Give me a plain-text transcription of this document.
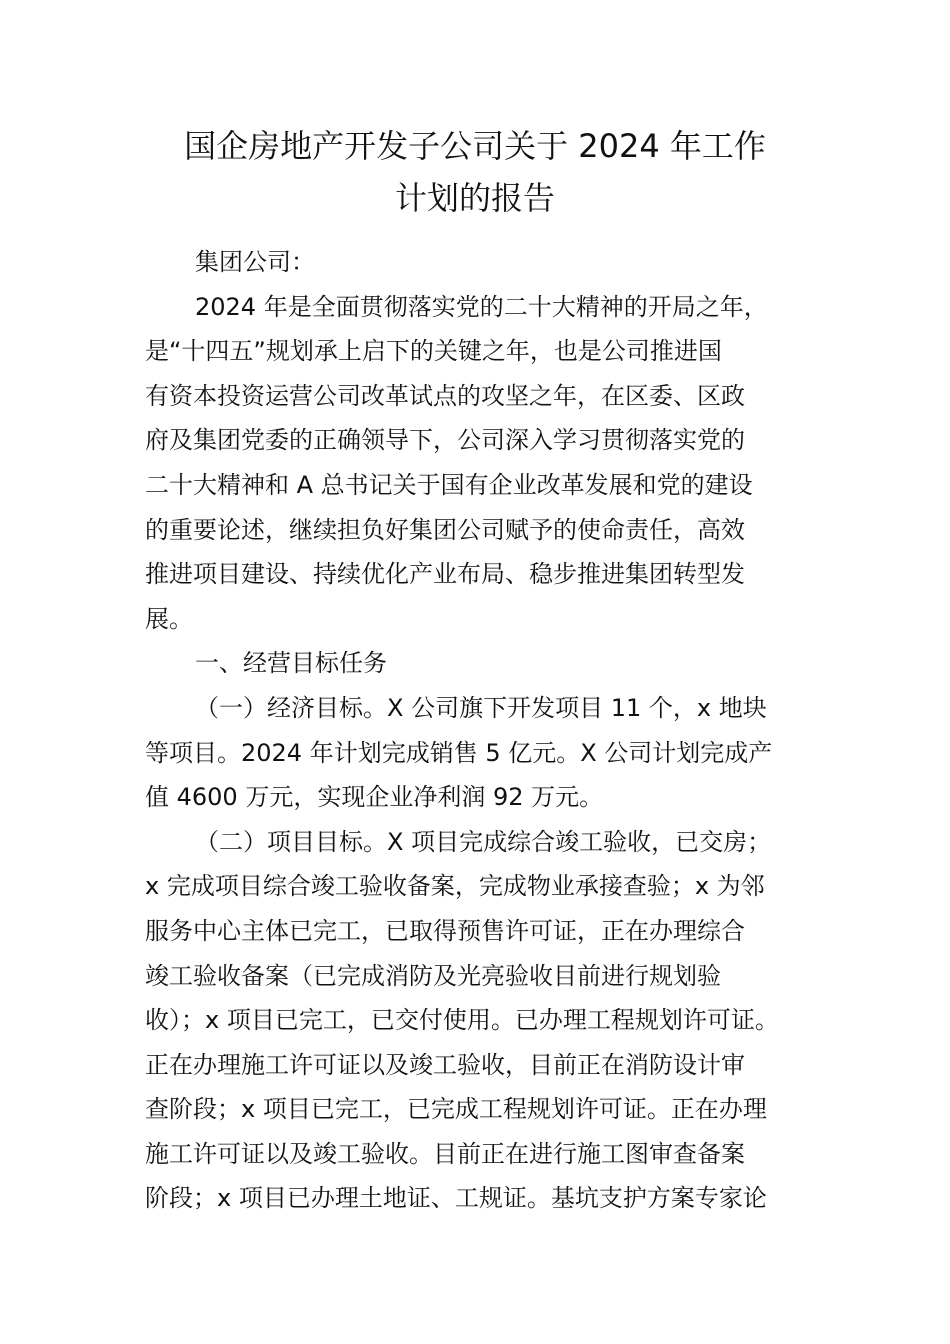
国企房地产开发子公司关于 2024 年工作
计划的报告

集团公司：

2024 年是全面贯彻落实党的二十大精神的开局之年，

是“十四五”规划承上启下的关键之年，也是公司推进国

有资本投资运营公司改革试点的攻坚之年，在区委、区政

府及集团党委的正确领导下，公司深入学习贯彻落实党的

二十大精神和 A 总书记关于国有企业改革发展和党的建设

的重要论述，继续担负好集团公司赋予的使命责任，高效

推进项目建设、持续优化产业布局、稳步推进集团转型发

展。

一、经营目标任务

（一）经济目标。X 公司旗下开发项目 11 个，x 地块

等项目。2024 年计划完成销售 5 亿元。X 公司计划完成产

值 4600 万元，实现企业净利润 92 万元。

（二）项目目标。X 项目完成综合竣工验收，已交房；

x 完成项目综合竣工验收备案，完成物业承接查验；x 为邻

服务中心主体已完工，已取得预售许可证，正在办理综合

竣工验收备案（已完成消防及光亮验收目前进行规划验

收）；x 项目已完工，已交付使用。已办理工程规划许可证。

正在办理施工许可证以及竣工验收，目前正在消防设计审

查阶段；x 项目已完工，已完成工程规划许可证。正在办理

施工许可证以及竣工验收。目前正在进行施工图审查备案

阶段；x 项目已办理土地证、工规证。基坑支护方案专家论
